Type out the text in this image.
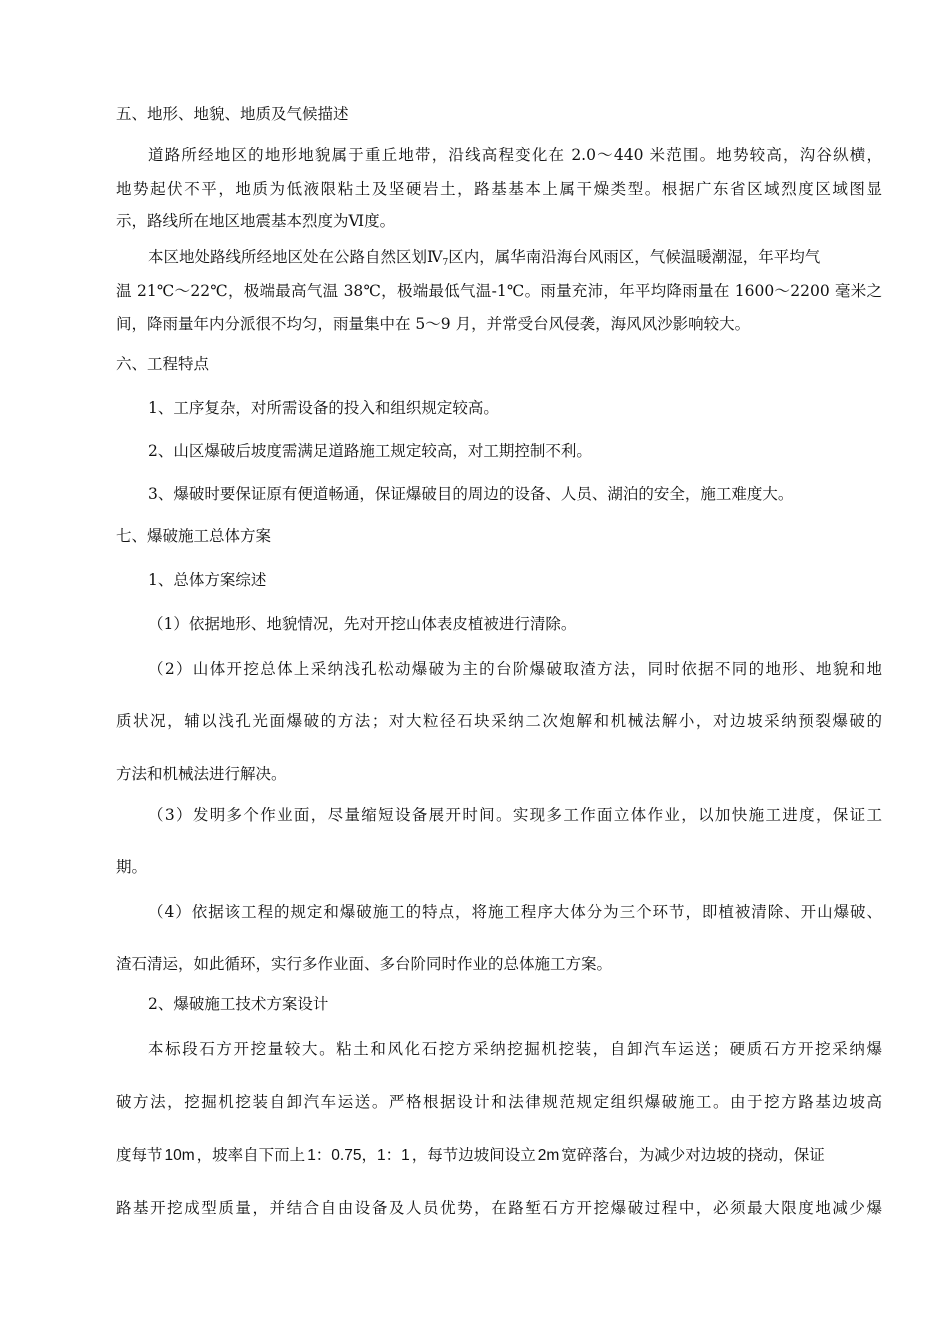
五、地形、地貌、地质及气候描述
道路所经地区的地形地貌属于重丘地带，沿线高程变化在 2.0～440 米范围。地势较高，沟谷纵横，
地势起伏不平，地质为低液限粘土及坚硬岩土，路基基本上属干燥类型。根据广东省区域烈度区域图显
示，路线所在地区地震基本烈度为Ⅵ度。
本区地处路线所经地区处在公路自然区划$Ⅳ_7$区内，属华南沿海台风雨区，气候温暖潮湿，年平均气
温 21℃～22℃，极端最高气温 38℃，极端最低气温-1℃。雨量充沛，年平均降雨量在 1600～2200 毫米之
间，降雨量年内分派很不均匀，雨量集中在 5～9 月，并常受台风侵袭，海风风沙影响较大。
六、工程特点
1、工序复杂，对所需设备的投入和组织规定较高。
2、山区爆破后坡度需满足道路施工规定较高，对工期控制不利。
3、爆破时要保证原有便道畅通，保证爆破目的周边的设备、人员、湖泊的安全，施工难度大。
七、爆破施工总体方案
1、总体方案综述
（1）依据地形、地貌情况，先对开挖山体表皮植被进行清除。
（2）山体开挖总体上采纳浅孔松动爆破为主的台阶爆破取渣方法，同时依据不同的地形、地貌和地
质状况，辅以浅孔光面爆破的方法；对大粒径石块采纳二次炮解和机械法解小，对边坡采纳预裂爆破的
方法和机械法进行解决。
（3）发明多个作业面，尽量缩短设备展开时间。实现多工作面立体作业，以加快施工进度，保证工
期。
（4）依据该工程的规定和爆破施工的特点，将施工程序大体分为三个环节，即植被清除、开山爆破、
渣石清运，如此循环，实行多作业面、多台阶同时作业的总体施工方案。
2、爆破施工技术方案设计
本标段石方开挖量较大。粘土和风化石挖方采纳挖掘机挖装，自卸汽车运送；硬质石方开挖采纳爆
破方法，挖掘机挖装自卸汽车运送。严格根据设计和法律规范规定组织爆破施工。由于挖方路基边坡高
度每节 10m ，坡率自下而上 1：0.75，1：1 ，每节边坡间设立 2m 宽碎落台，为减少对边坡的挠动，保证
路基开挖成型质量，并结合自由设备及人员优势，在路堑石方开挖爆破过程中，必须最大限度地减少爆
